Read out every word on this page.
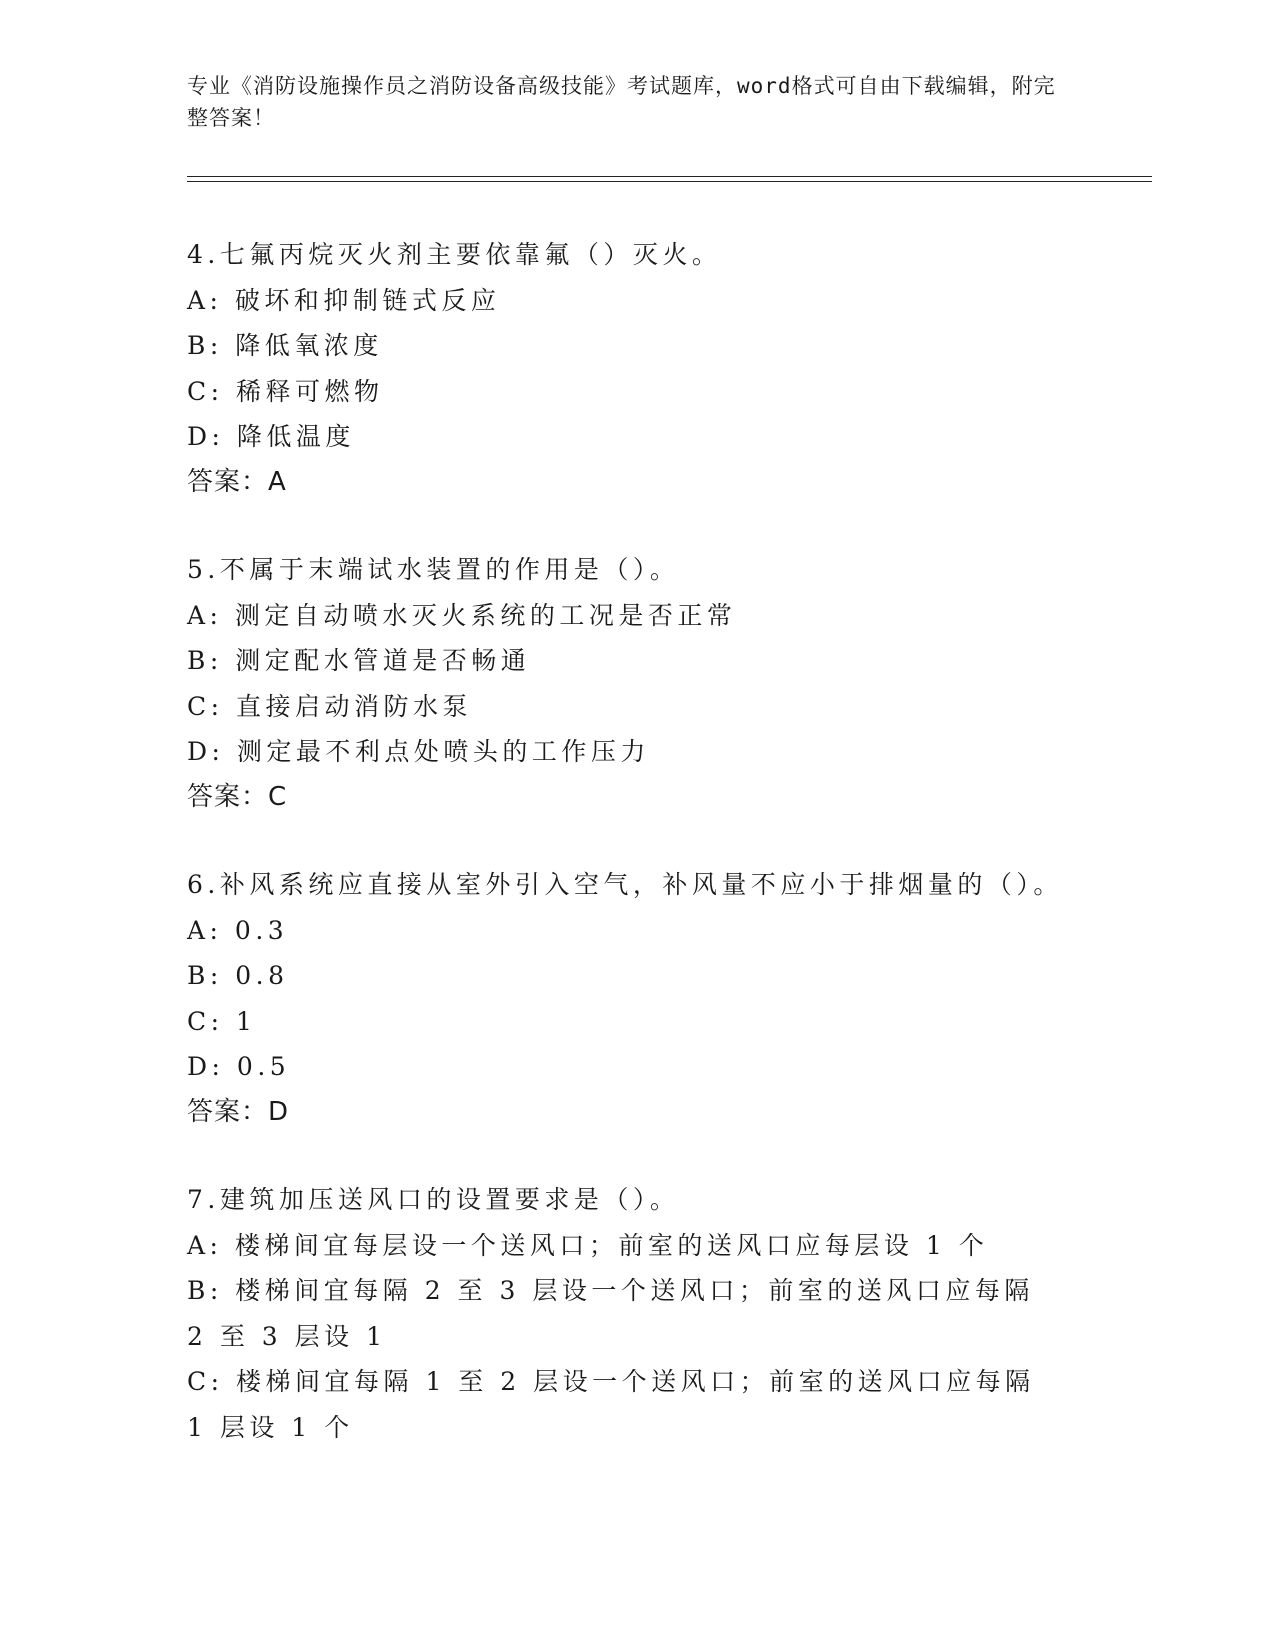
专业《消防设施操作员之消防设备高级技能》考试题库，word格式可自由下载编辑，附完整答案！
4.七氟丙烷灭火剂主要依靠氟（）灭火。
A: 破坏和抑制链式反应
B: 降低氧浓度
C: 稀释可燃物
D: 降低温度
答案：A
5.不属于末端试水装置的作用是（）。
A: 测定自动喷水灭火系统的工况是否正常
B: 测定配水管道是否畅通
C: 直接启动消防水泵
D: 测定最不利点处喷头的工作压力
答案：C
6.补风系统应直接从室外引入空气，补风量不应小于排烟量的（）。
A: 0.3
B: 0.8
C: 1
D: 0.5
答案：D
7.建筑加压送风口的设置要求是（）。
A: 楼梯间宜每层设一个送风口；前室的送风口应每层设 1 个
B: 楼梯间宜每隔 2 至 3 层设一个送风口；前室的送风口应每隔 2 至 3 层设 1
C: 楼梯间宜每隔 1 至 2 层设一个送风口；前室的送风口应每隔 1 层设 1 个
